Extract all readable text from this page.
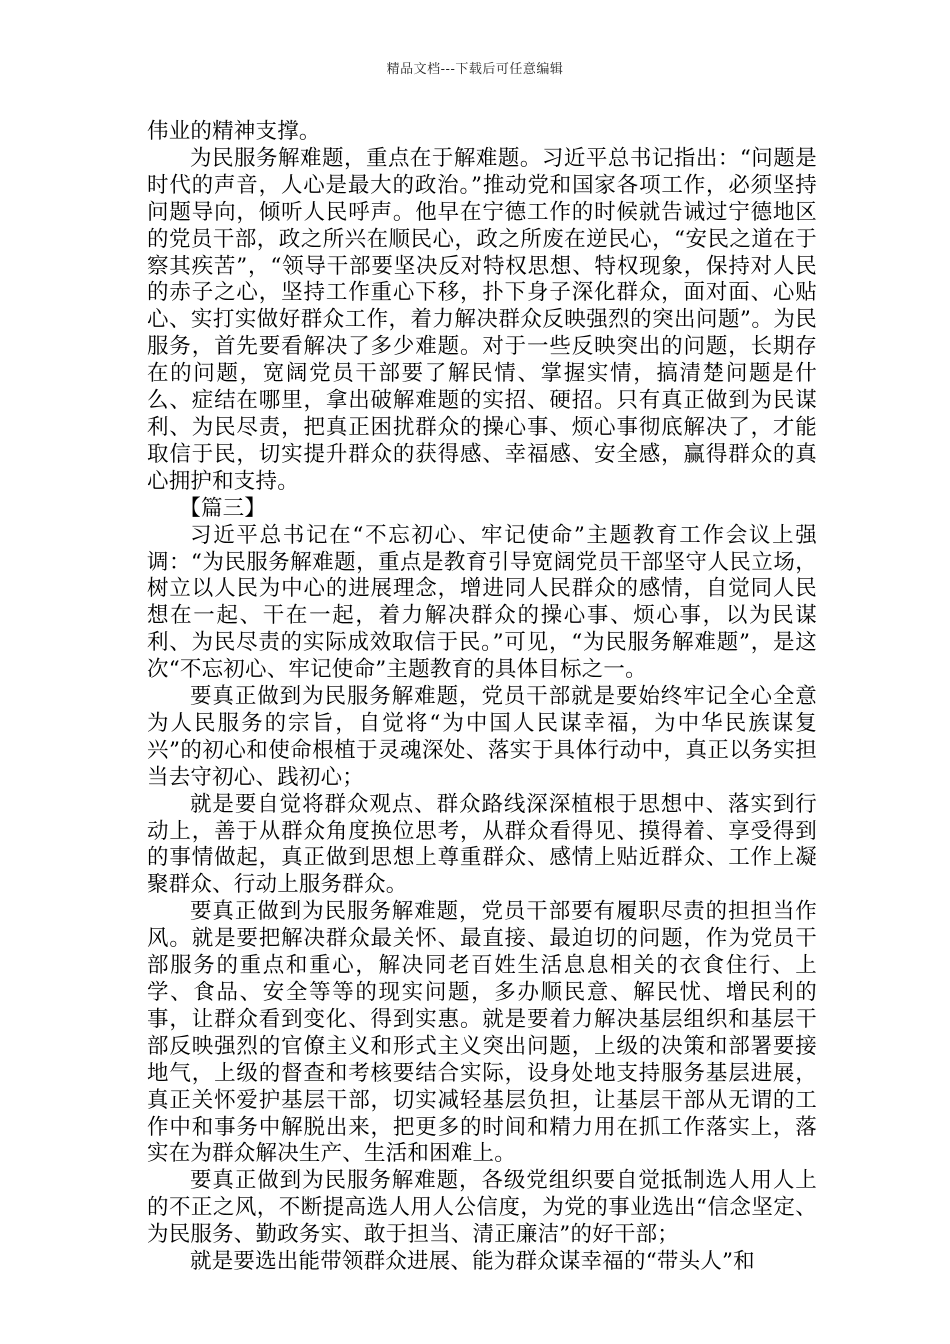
精品文档---下载后可任意编辑

伟业的精神支撑。

为民服务解难题，重点在于解难题。习近平总书记指出：“问题是时代的声音，人心是最大的政治。”推动党和国家各项工作，必须坚持问题导向，倾听人民呼声。他早在宁德工作的时候就告诫过宁德地区的党员干部，政之所兴在顺民心，政之所废在逆民心，“安民之道在于察其疾苦”，“领导干部要坚决反对特权思想、特权现象，保持对人民的赤子之心，坚持工作重心下移，扑下身子深化群众，面对面、心贴心、实打实做好群众工作，着力解决群众反映强烈的突出问题”。为民服务，首先要看解决了多少难题。对于一些反映突出的问题，长期存在的问题，宽阔党员干部要了解民情、掌握实情，搞清楚问题是什么、症结在哪里，拿出破解难题的实招、硬招。只有真正做到为民谋利、为民尽责，把真正困扰群众的操心事、烦心事彻底解决了，才能取信于民，切实提升群众的获得感、幸福感、安全感，赢得群众的真心拥护和支持。

【篇三】

习近平总书记在“不忘初心、牢记使命”主题教育工作会议上强调：“为民服务解难题，重点是教育引导宽阔党员干部坚守人民立场，树立以人民为中心的进展理念，增进同人民群众的感情，自觉同人民想在一起、干在一起，着力解决群众的操心事、烦心事，以为民谋利、为民尽责的实际成效取信于民。”可见，“为民服务解难题”，是这次“不忘初心、牢记使命”主题教育的具体目标之一。

要真正做到为民服务解难题，党员干部就是要始终牢记全心全意为人民服务的宗旨，自觉将“为中国人民谋幸福，为中华民族谋复兴”的初心和使命根植于灵魂深处、落实于具体行动中，真正以务实担当去守初心、践初心；

就是要自觉将群众观点、群众路线深深植根于思想中、落实到行动上，善于从群众角度换位思考，从群众看得见、摸得着、享受得到的事情做起，真正做到思想上尊重群众、感情上贴近群众、工作上凝聚群众、行动上服务群众。

要真正做到为民服务解难题，党员干部要有履职尽责的担担当作风。就是要把解决群众最关怀、最直接、最迫切的问题，作为党员干部服务的重点和重心，解决同老百姓生活息息相关的衣食住行、上学、食品、安全等等的现实问题，多办顺民意、解民忧、增民利的事，让群众看到变化、得到实惠。就是要着力解决基层组织和基层干部反映强烈的官僚主义和形式主义突出问题，上级的决策和部署要接地气，上级的督查和考核要结合实际，设身处地支持服务基层进展，真正关怀爱护基层干部，切实减轻基层负担，让基层干部从无谓的工作中和事务中解脱出来，把更多的时间和精力用在抓工作落实上，落实在为群众解决生产、生活和困难上。

要真正做到为民服务解难题，各级党组织要自觉抵制选人用人上的不正之风，不断提高选人用人公信度，为党的事业选出“信念坚定、为民服务、勤政务实、敢于担当、清正廉洁”的好干部；

就是要选出能带领群众进展、能为群众谋幸福的“带头人”和
